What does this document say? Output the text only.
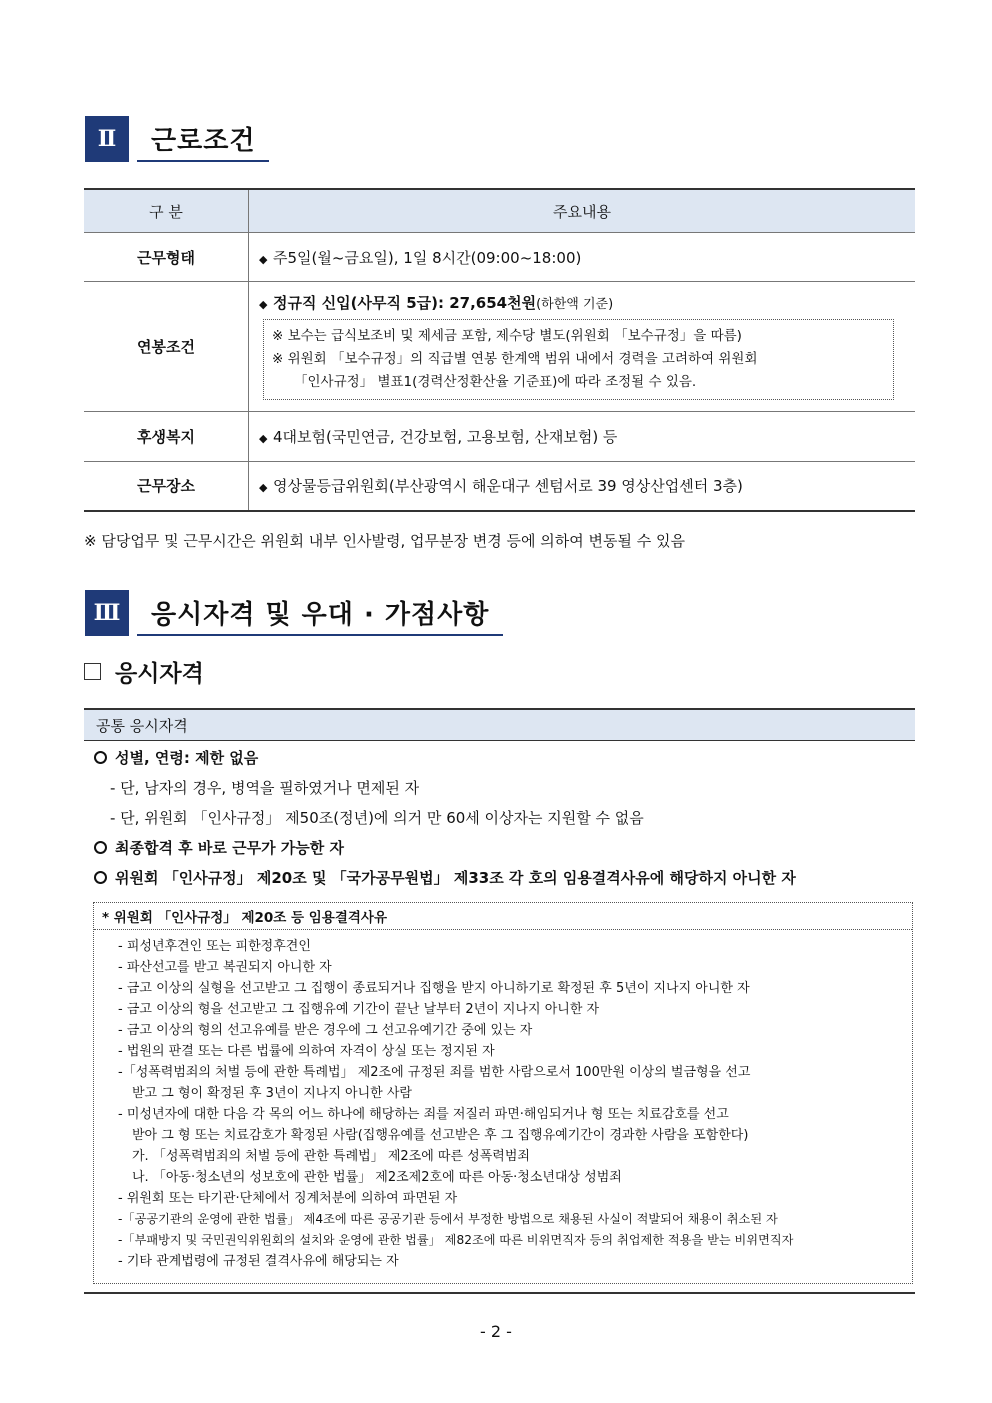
Ⅱ	근로조건
구 분	주요내용
근무형태	◆ 주5일(월~금요일), 1일 8시간(09:00~18:00)
연봉조건	◆ 정규직 신입(사무직 5급): 27,654천원(하한액 기준)
※ 보수는 급식보조비 및 제세금 포함, 제수당 별도(위원회 「보수규정」을 따름)
※ 위원회 「보수규정」의 직급별 연봉 한계액 범위 내에서 경력을 고려하여 위원회
「인사규정」 별표1(경력산정환산율 기준표)에 따라 조정될 수 있음.

후생복지	◆ 4대보험(국민연금, 건강보험, 고용보험, 산재보험) 등
근무장소	◆ 영상물등급위원회(부산광역시 해운대구 센텀서로 39 영상산업센터 3층)
※ 담당업무 및 근무시간은 위원회 내부 인사발령, 업무분장 변경 등에 의하여 변동될 수 있음
Ⅲ	응시자격 및 우대 · 가점사항
응시자격
공통 응시자격
성별, 연령: 제한 없음
- 단, 남자의 경우, 병역을 필하였거나 면제된 자
- 단, 위원회 「인사규정」 제50조(정년)에 의거 만 60세 이상자는 지원할 수 없음
최종합격 후 바로 근무가 가능한 자
위원회 「인사규정」 제20조 및 「국가공무원법」 제33조 각 호의 임용결격사유에 해당하지 아니한 자
* 위원회 「인사규정」 제20조 등 임용결격사유
- 피성년후견인 또는 피한정후견인
- 파산선고를 받고 복권되지 아니한 자
- 금고 이상의 실형을 선고받고 그 집행이 종료되거나 집행을 받지 아니하기로 확정된 후 5년이 지나지 아니한 자
- 금고 이상의 형을 선고받고 그 집행유예 기간이 끝난 날부터 2년이 지나지 아니한 자
- 금고 이상의 형의 선고유예를 받은 경우에 그 선고유예기간 중에 있는 자
- 법원의 판결 또는 다른 법률에 의하여 자격이 상실 또는 정지된 자
-「성폭력범죄의 처벌 등에 관한 특례법」 제2조에 규정된 죄를 범한 사람으로서 100만원 이상의 벌금형을 선고
받고 그 형이 확정된 후 3년이 지나지 아니한 사람
- 미성년자에 대한 다음 각 목의 어느 하나에 해당하는 죄를 저질러 파면·해임되거나 형 또는 치료감호를 선고
받아 그 형 또는 치료감호가 확정된 사람(집행유예를 선고받은 후 그 집행유예기간이 경과한 사람을 포함한다)
가. 「성폭력범죄의 처벌 등에 관한 특례법」 제2조에 따른 성폭력범죄
나. 「아동·청소년의 성보호에 관한 법률」 제2조제2호에 따른 아동·청소년대상 성범죄
- 위원회 또는 타기관·단체에서 징계처분에 의하여 파면된 자
-「공공기관의 운영에 관한 법률」 제4조에 따른 공공기관 등에서 부정한 방법으로 채용된 사실이 적발되어 채용이 취소된 자
-「부패방지 및 국민권익위원회의 설치와 운영에 관한 법률」 제82조에 따른 비위면직자 등의 취업제한 적용을 받는 비위면직자
- 기타 관계법령에 규정된 결격사유에 해당되는 자
- 2 -
